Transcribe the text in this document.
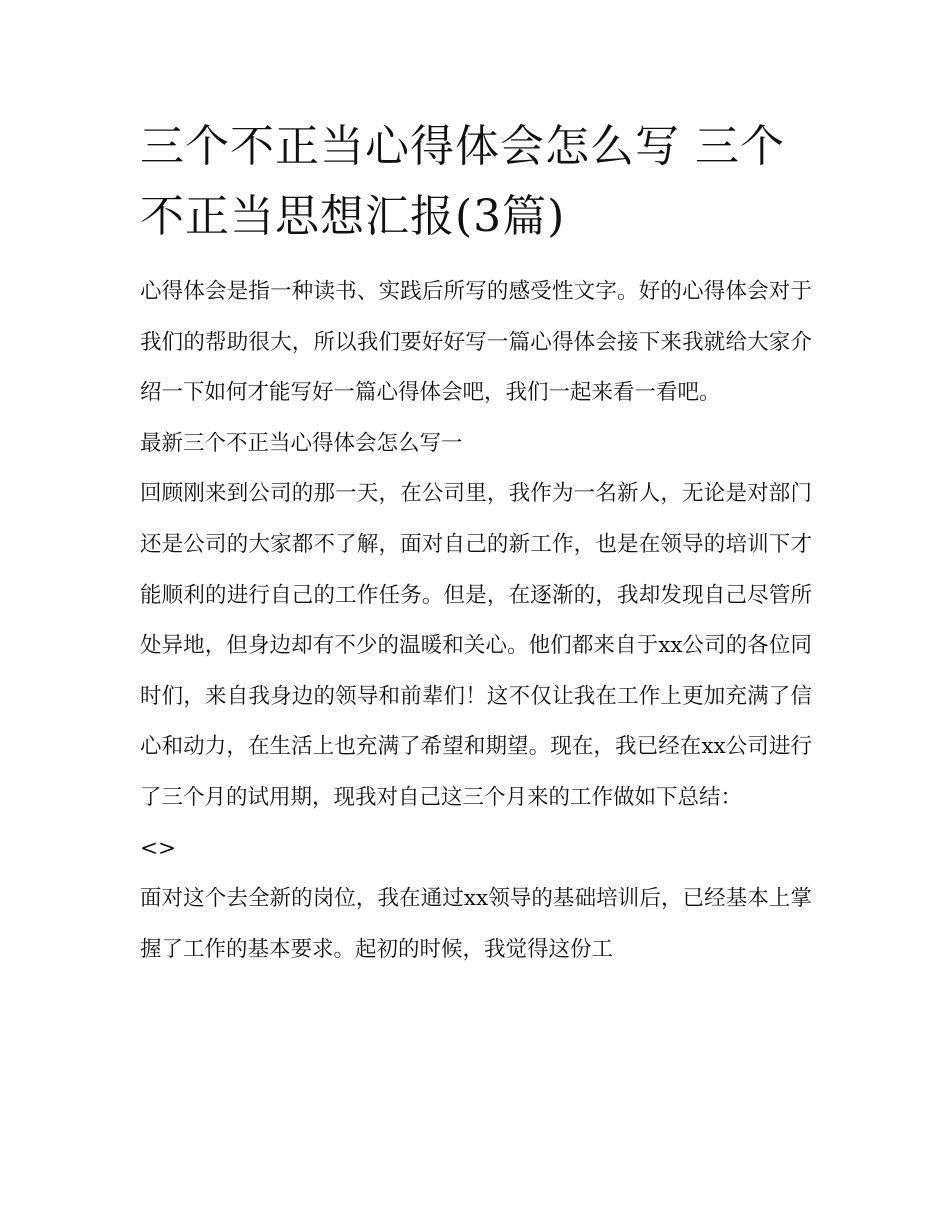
三个不正当心得体会怎么写 三个不正当思想汇报(3篇)

心得体会是指一种读书、实践后所写的感受性文字。好的心得体会对于我们的帮助很大，所以我们要好好写一篇心得体会接下来我就给大家介绍一下如何才能写好一篇心得体会吧，我们一起来看一看吧。

最新三个不正当心得体会怎么写一

回顾刚来到公司的那一天，在公司里，我作为一名新人，无论是对部门还是公司的大家都不了解，面对自己的新工作，也是在领导的培训下才能顺利的进行自己的工作任务。但是，在逐渐的，我却发现自己尽管所处异地，但身边却有不少的温暖和关心。他们都来自于xx公司的各位同时们，来自我身边的领导和前辈们！这不仅让我在工作上更加充满了信心和动力，在生活上也充满了希望和期望。现在，我已经在xx公司进行了三个月的试用期，现我对自己这三个月来的工作做如下总结：

<>

面对这个去全新的岗位，我在通过xx领导的基础培训后，已经基本上掌握了工作的基本要求。起初的时候，我觉得这份工
